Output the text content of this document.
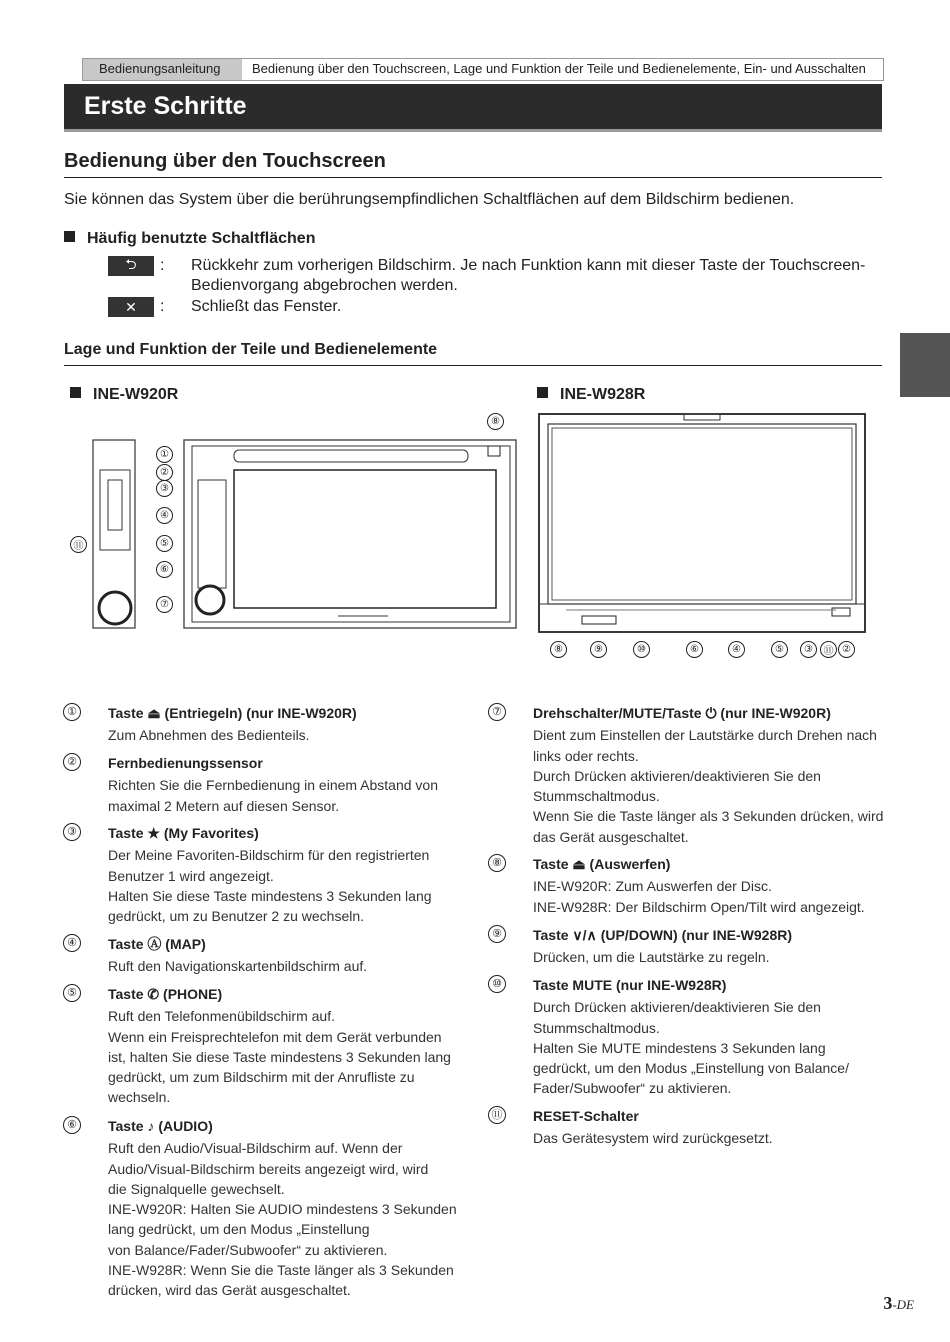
Bedienungsanleitung	Bedienung über den Touchscreen, Lage und Funktion der Teile und Bedienelemente, Ein- und Ausschalten
Erste Schritte
Bedienung über den Touchscreen
Sie können das System über die berührungsempfindlichen Schaltflächen auf dem Bildschirm bedienen.
Häufig benutzte Schaltflächen
⮌ : Rückkehr zum vorherigen Bildschirm. Je nach Funktion kann mit dieser Taste der Touchscreen-
Bedienvorgang abgebrochen werden.
✕ : Schließt das Fenster.
Lage und Funktion der Teile und Bedienelemente
INE-W920R	INE-W928R
①
②
③
④
⑤
⑥
⑦
⑧
⑪
⑧	⑨	⑩	⑥	④	⑤	③	⑪ ②
① Taste ⏏ (Entriegeln) (nur INE-W920R)
Zum Abnehmen des Bedienteils.
② Fernbedienungssensor
Richten Sie die Fernbedienung in einem Abstand von
maximal 2 Metern auf diesen Sensor.
③ Taste ★ (My Favorites)
Der Meine Favoriten-Bildschirm für den registrierten
Benutzer 1 wird angezeigt.
Halten Sie diese Taste mindestens 3 Sekunden lang
gedrückt, um zu Benutzer 2 zu wechseln.
④ Taste Ⓐ (MAP)
Ruft den Navigationskartenbildschirm auf.
⑤ Taste ✆ (PHONE)
Ruft den Telefonmenübildschirm auf.
Wenn ein Freisprechtelefon mit dem Gerät verbunden
ist, halten Sie diese Taste mindestens 3 Sekunden lang
gedrückt, um zum Bildschirm mit der Anrufliste zu
wechseln.
⑥ Taste ♪ (AUDIO)
Ruft den Audio/Visual-Bildschirm auf. Wenn der
Audio/Visual-Bildschirm bereits angezeigt wird, wird
die Signalquelle gewechselt.
INE-W920R: Halten Sie AUDIO mindestens 3 Sekunden
lang gedrückt, um den Modus „Einstellung
von Balance/Fader/Subwoofer“ zu aktivieren.
INE-W928R: Wenn Sie die Taste länger als 3 Sekunden
drücken, wird das Gerät ausgeschaltet.
⑦ Drehschalter/MUTE/Taste ⏻ (nur INE-W920R)
Dient zum Einstellen der Lautstärke durch Drehen nach
links oder rechts.
Durch Drücken aktivieren/deaktivieren Sie den
Stummschaltmodus.
Wenn Sie die Taste länger als 3 Sekunden drücken, wird
das Gerät ausgeschaltet.
⑧ Taste ⏏ (Auswerfen)
INE-W920R: Zum Auswerfen der Disc.
INE-W928R: Der Bildschirm Open/Tilt wird angezeigt.
⑨ Taste ∨/∧ (UP/DOWN) (nur INE-W928R)
Drücken, um die Lautstärke zu regeln.
⑩ Taste MUTE (nur INE-W928R)
Durch Drücken aktivieren/deaktivieren Sie den
Stummschaltmodus.
Halten Sie MUTE mindestens 3 Sekunden lang
gedrückt, um den Modus „Einstellung von Balance/
Fader/Subwoofer“ zu aktivieren.
⑪ RESET-Schalter
Das Gerätesystem wird zurückgesetzt.
3-DE
